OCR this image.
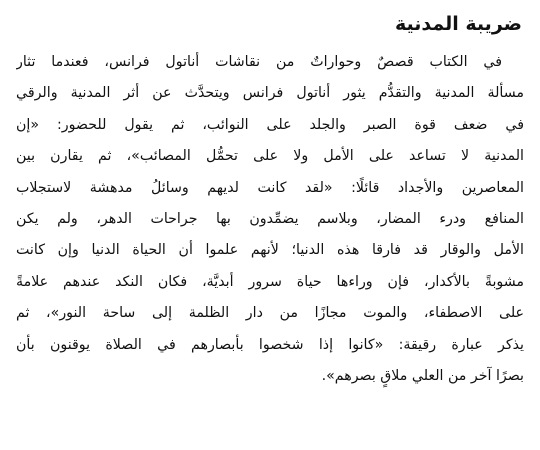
ضريبة المدنية
في الكتاب قصصٌ وحواراتٌ من نقاشات أناتول فرانس، فعندما تثار
مسألة المدنية والتقدُّم يثور أناتول فرانس ويتحدَّث عن أثر المدنية والرقي
في ضعف قوة الصبر والجلد على النوائب، ثم يقول للحضور: «إن
المدنية لا تساعد على الأمل ولا على تحمُّل المصائب»، ثم يقارن بين
المعاصرين والأجداد قائلًا: «لقد كانت لديهم وسائلُ مدهشة لاستجلاب
المنافع ودرء المضار، وبلاسم يضمِّدون بها جراحات الدهر، ولم يكن
الأمل والوقار قد فارقا هذه الدنيا؛ لأنهم علموا أن الحياة الدنيا وإن كانت
مشوبةً بالأكدار، فإن وراءها حياة سرور أبديَّة، فكان النكد عندهم علامةً
على الاصطفاء، والموت مجازًا من دار الظلمة إلى ساحة النور»، ثم
يذكر عبارة رقيقة: «كانوا إذا شخصوا بأبصارهم في الصلاة يوقنون بأن
بصرًا آخر من العلي ملاقٍ بصرهم».
